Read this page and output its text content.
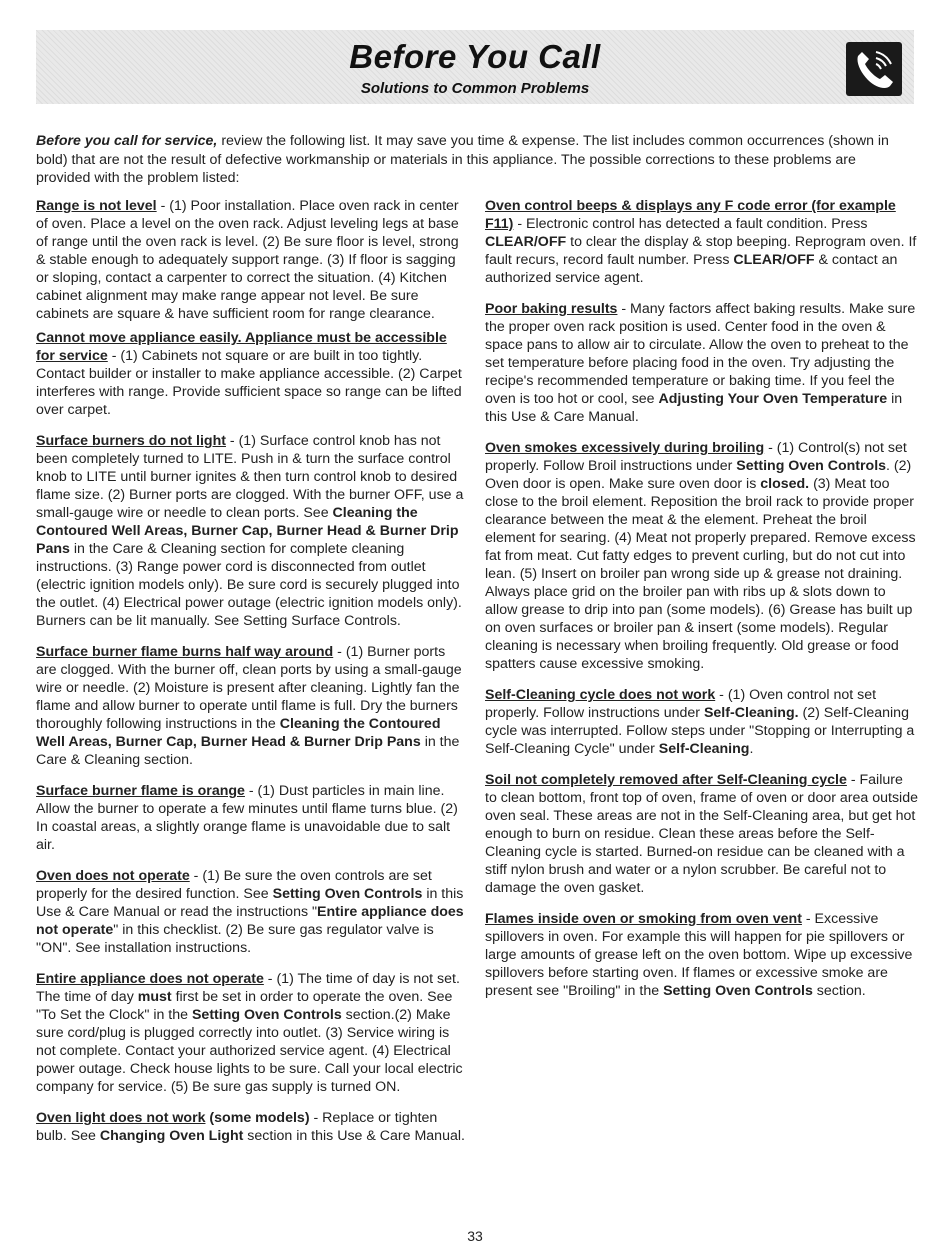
Before You Call
Solutions to Common Problems
Before you call for service, review the following list. It may save you time & expense. The list includes common occurrences (shown in bold) that are not the result of defective workmanship or materials in this appliance. The possible corrections to these problems are provided with the problem listed:

Range is not level - (1) Poor installation. Place oven rack in center of oven. Place a level on the oven rack. Adjust leveling legs at base of range until the oven rack is level. (2) Be sure floor is level, strong & stable enough to adequately support range. (3) If floor is sagging or sloping, contact a carpenter to correct the situation. (4) Kitchen cabinet alignment may make range appear not level. Be sure cabinets are square & have sufficient room for range clearance.

Cannot move appliance easily. Appliance must be accessible for service - (1) Cabinets not square or are built in too tightly. Contact builder or installer to make appliance accessible. (2) Carpet interferes with range. Provide sufficient space so range can be lifted over carpet.

Surface burners do not light - (1) Surface control knob has not been completely turned to LITE. Push in & turn the surface control knob to LITE until burner ignites & then turn control knob to desired flame size. (2) Burner ports are clogged. With the burner OFF, use a small-gauge wire or needle to clean ports. See Cleaning the Contoured Well Areas, Burner Cap, Burner Head & Burner Drip Pans in the Care & Cleaning section for complete cleaning instructions. (3) Range power cord is disconnected from outlet (electric ignition models only). Be sure cord is securely plugged into the outlet. (4) Electrical power outage (electric ignition models only). Burners can be lit manually. See Setting Surface Controls.

Surface burner flame burns half way around - (1) Burner ports are clogged. With the burner off, clean ports by using a small-gauge wire or needle. (2) Moisture is present after cleaning. Lightly fan the flame and allow burner to operate until flame is full. Dry the burners thoroughly following instructions in the Cleaning the Contoured Well Areas, Burner Cap, Burner Head & Burner Drip Pans in the Care & Cleaning section.

Surface burner flame is orange - (1) Dust particles in main line. Allow the burner to operate a few minutes until flame turns blue. (2) In coastal areas, a slightly orange flame is unavoidable due to salt air.

Oven does not operate - (1) Be sure the oven controls are set properly for the desired function. See Setting Oven Controls in this Use & Care Manual or read the instructions "Entire appliance does not operate" in this checklist. (2) Be sure gas regulator valve is "ON". See installation instructions.

Entire appliance does not operate - (1) The time of day is not set. The time of day must first be set in order to operate the oven. See "To Set the Clock" in the Setting Oven Controls section.(2) Make sure cord/plug is plugged correctly into outlet. (3) Service wiring is not complete. Contact your authorized service agent. (4) Electrical power outage. Check house lights to be sure. Call your local electric company for service. (5) Be sure gas supply is turned ON.

Oven light does not work (some models) - Replace or tighten bulb. See Changing Oven Light section in this Use & Care Manual.

Oven control beeps & displays any F code error (for example F11) - Electronic control has detected a fault condition. Press CLEAR/OFF to clear the display & stop beeping. Reprogram oven. If fault recurs, record fault number. Press CLEAR/OFF & contact an authorized service agent.

Poor baking results - Many factors affect baking results. Make sure the proper oven rack position is used. Center food in the oven & space pans to allow air to circulate. Allow the oven to preheat to the set temperature before placing food in the oven. Try adjusting the recipe's recommended temperature or baking time. If you feel the oven is too hot or cool, see Adjusting Your Oven Temperature in this Use & Care Manual.

Oven smokes excessively during broiling - (1) Control(s) not set properly. Follow Broil instructions under Setting Oven Controls. (2) Oven door is open. Make sure oven door is closed. (3) Meat too close to the broil element. Reposition the broil rack to provide proper clearance between the meat & the element. Preheat the broil element for searing. (4) Meat not properly prepared. Remove excess fat from meat. Cut fatty edges to prevent curling, but do not cut into lean. (5) Insert on broiler pan wrong side up & grease not draining. Always place grid on the broiler pan with ribs up & slots down to allow grease to drip into pan (some models). (6) Grease has built up on oven surfaces or broiler pan & insert (some models). Regular cleaning is necessary when broiling frequently. Old grease or food spatters cause excessive smoking.

Self-Cleaning cycle does not work - (1) Oven control not set properly. Follow instructions under Self-Cleaning. (2) Self-Cleaning cycle was interrupted. Follow steps under "Stopping or Interrupting a Self-Cleaning Cycle" under Self-Cleaning.

Soil not completely removed after Self-Cleaning cycle - Failure to clean bottom, front top of oven, frame of oven or door area outside oven seal. These areas are not in the Self-Cleaning area, but get hot enough to burn on residue. Clean these areas before the Self-Cleaning cycle is started. Burned-on residue can be cleaned with a stiff nylon brush and water or a nylon scrubber. Be careful not to damage the oven gasket.

Flames inside oven or smoking from oven vent - Excessive spillovers in oven. For example this will happen for pie spillovers or large amounts of grease left on the oven bottom. Wipe up excessive spillovers before starting oven. If flames or excessive smoke are present see "Broiling" in the Setting Oven Controls section.

33
